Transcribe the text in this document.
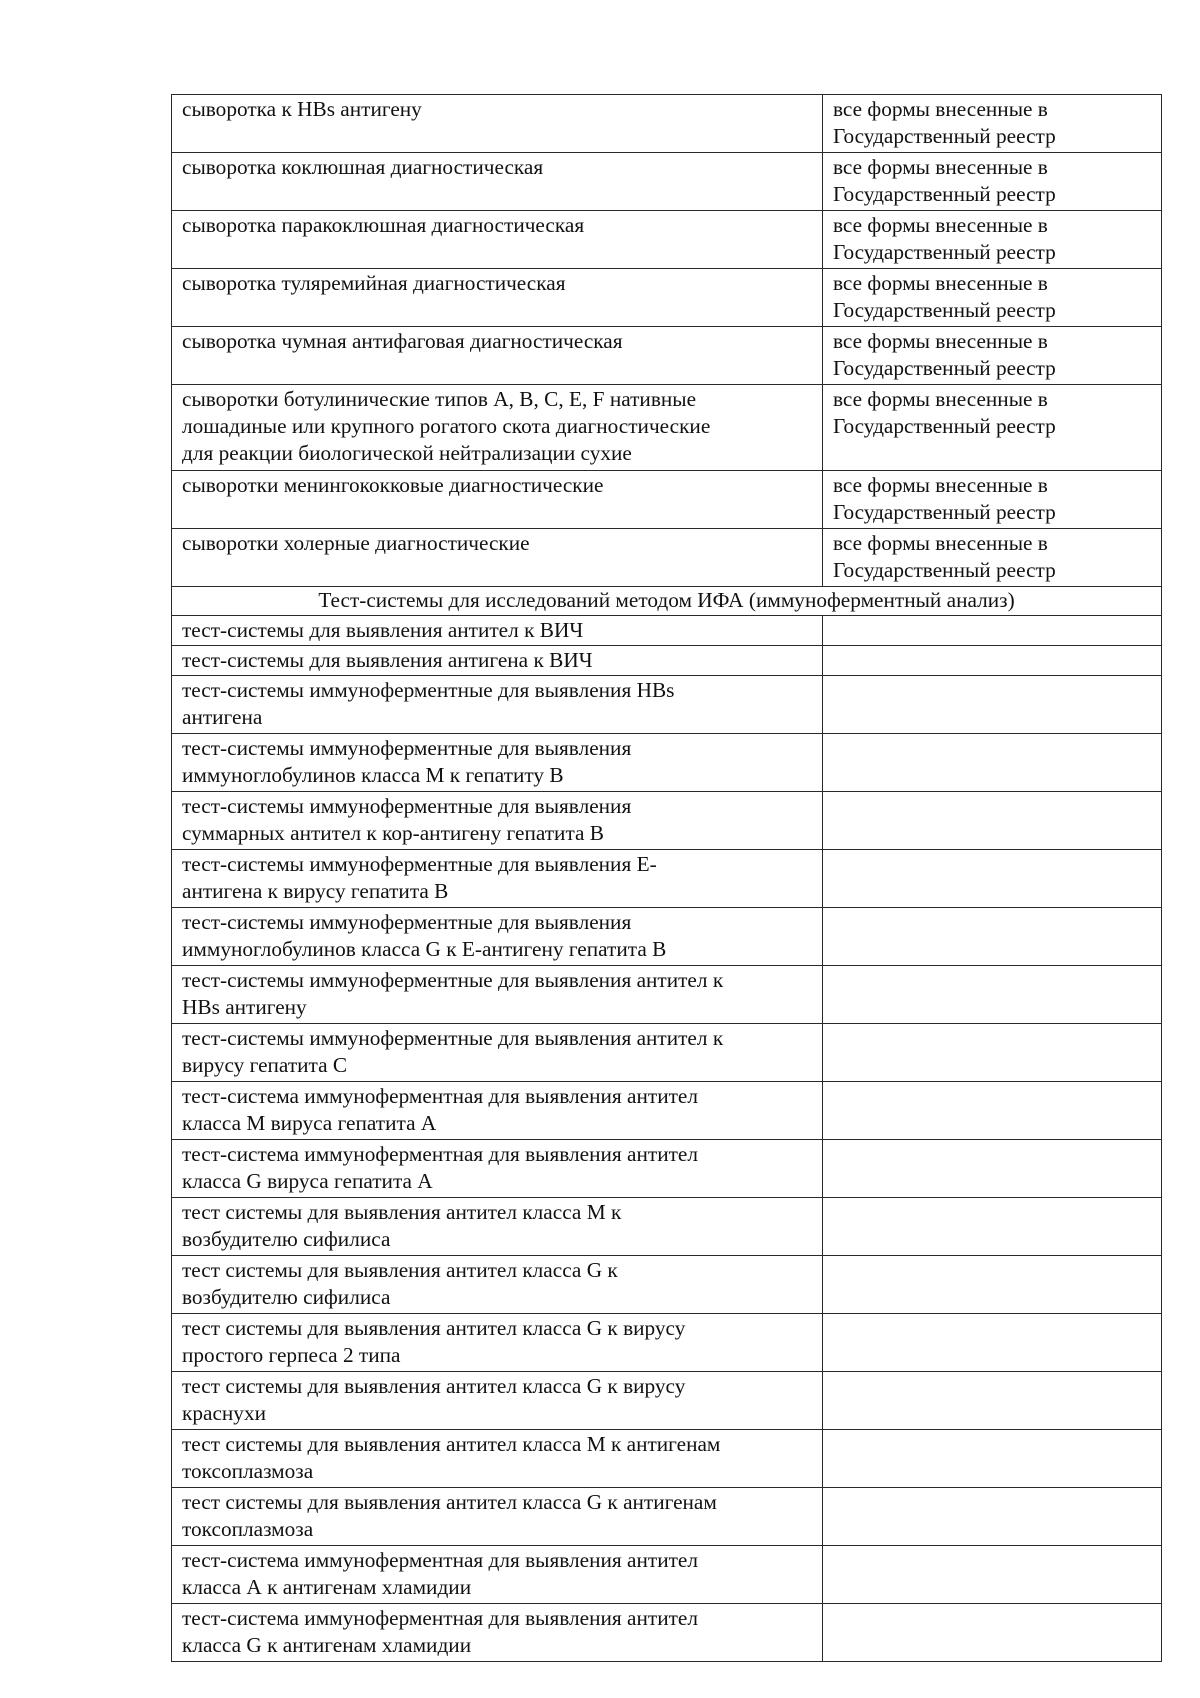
сыворотка к HBs антигену	все формы внесенные в
Государственный реестр

сыворотка коклюшная диагностическая	все формы внесенные в
Государственный реестр

сыворотка паракоклюшная диагностическая	все формы внесенные в
Государственный реестр

сыворотка туляремийная диагностическая	все формы внесенные в
Государственный реестр

сыворотка чумная антифаговая диагностическая	все формы внесенные в
Государственный реестр

сыворотки ботулинические типов А, В, С, Е, F нативные
лошадиные или крупного рогатого скота диагностические
для реакции биологической нейтрализации сухие	все формы внесенные в
Государственный реестр

сыворотки менингококковые диагностические	все формы внесенные в
Государственный реестр

сыворотки холерные диагностические	все формы внесенные в
Государственный реестр

Тест-системы для исследований методом ИФА (иммуноферментный анализ)	

тест-системы для выявления антител к ВИЧ	

тест-системы для выявления антигена к ВИЧ	

тест-системы иммуноферментные для выявления HBs
антигена	

тест-системы иммуноферментные для выявления
иммуноглобулинов класса М к гепатиту В	

тест-системы иммуноферментные для выявления
суммарных антител к кор-антигену гепатита В	

тест-системы иммуноферментные для выявления Е-
антигена к вирусу гепатита В	

тест-системы иммуноферментные для выявления
иммуноглобулинов класса G к Е-антигену гепатита В	

тест-системы иммуноферментные для выявления антител к
HBs антигену	

тест-системы иммуноферментные для выявления антител к
вирусу гепатита С	

тест-система иммуноферментная для выявления антител
класса М вируса гепатита А	

тест-система иммуноферментная для выявления антител
класса G вируса гепатита А	

тест системы для выявления антител класса М к
возбудителю сифилиса	

тест системы для выявления антител класса G к
возбудителю сифилиса	

тест системы для выявления антител класса G к вирусу
простого герпеса 2 типа	

тест системы для выявления антител класса G к вирусу
краснухи	

тест системы для выявления антител класса М к антигенам
токсоплазмоза	

тест системы для выявления антител класса G к антигенам
токсоплазмоза	

тест-система иммуноферментная для выявления антител
класса А к антигенам хламидии	

тест-система иммуноферментная для выявления антител
класса G к антигенам хламидии	
